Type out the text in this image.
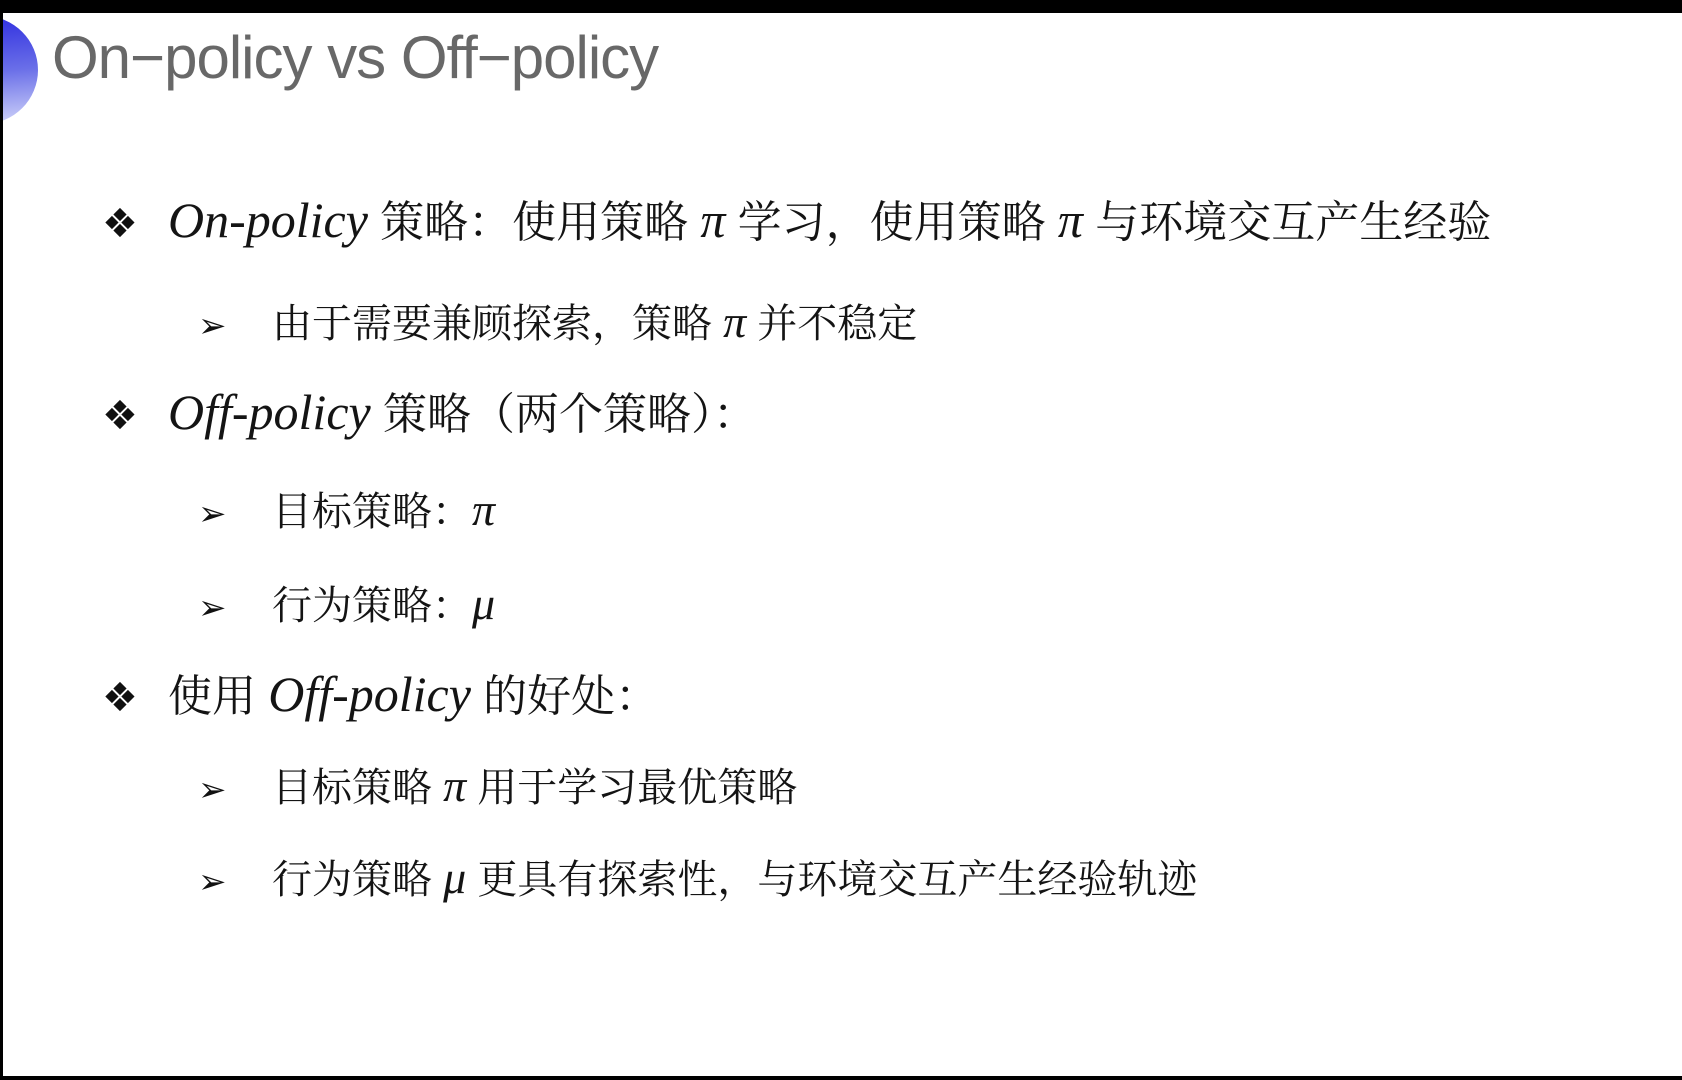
On−policy vs Off−policy
❖ On-policy 策略：使用策略 π 学习，使用策略 π 与环境交互产生经验
➢	由于需要兼顾探索，策略 π 并不稳定
❖ Off-policy 策略（两个策略）：
➢	目标策略：π
➢	行为策略：μ
❖ 使用 Off-policy 的好处：
➢	目标策略 π 用于学习最优策略
➢	行为策略 μ 更具有探索性，与环境交互产生经验轨迹
